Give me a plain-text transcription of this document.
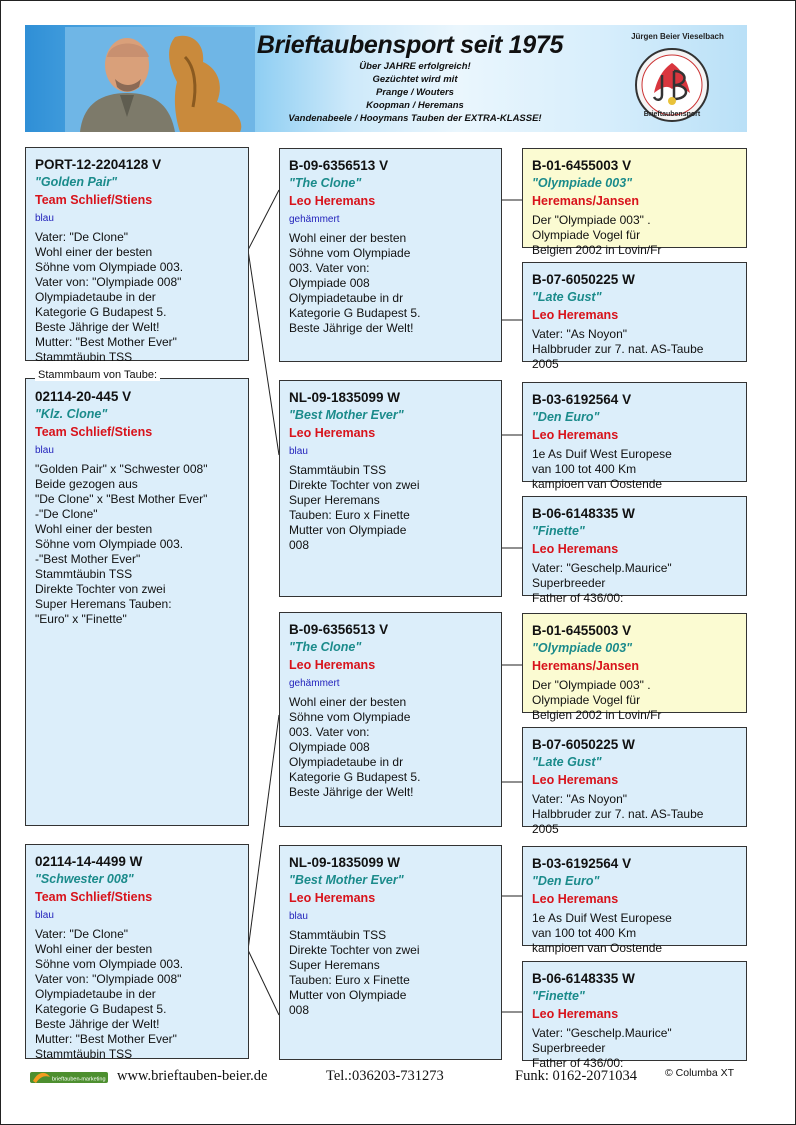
Brieftaubensport seit 1975
Über JAHRE erfolgreich!
Gezüchtet wird mit
Prange / Wouters
Koopman / Heremans
Vandenabeele / Hooymans Tauben der EXTRA-KLASSE!
Jürgen Beier Vieselbach
Brieftaubensport
Stammbaum von Taube:
02114-20-445 V
"Klz. Clone"
Team Schlief/Stiens
blau
"Golden Pair" x "Schwester 008"
Beide gezogen aus
"De Clone" x "Best Mother Ever"
-"De Clone"
Wohl einer der besten
Söhne vom Olympiade 003.
-"Best Mother Ever"
Stammtäubin TSS
Direkte Tochter von zwei
Super Heremans Tauben:
"Euro" x "Finette"
PORT-12-2204128 V
"Golden Pair"
Team Schlief/Stiens
blau
Vater: "De Clone"
Wohl einer der besten
Söhne vom Olympiade 003.
Vater von: "Olympiade 008"
Olympiadetaube in der
Kategorie G Budapest 5.
Beste Jährige der Welt!
Mutter: "Best Mother Ever"
Stammtäubin TSS
02114-14-4499 W
"Schwester 008"
Team Schlief/Stiens
blau
Vater: "De Clone"
Wohl einer der besten
Söhne vom Olympiade 003.
Vater von: "Olympiade 008"
Olympiadetaube in der
Kategorie G Budapest 5.
Beste Jährige der Welt!
Mutter: "Best Mother Ever"
Stammtäubin TSS
B-09-6356513 V
"The Clone"
Leo Heremans
gehämmert
Wohl einer der besten
Söhne vom Olympiade
003. Vater von:
Olympiade 008
Olympiadetaube in dr
Kategorie G Budapest 5.
Beste Jährige der Welt!
NL-09-1835099 W
"Best Mother Ever"
Leo Heremans
blau
Stammtäubin TSS
Direkte Tochter von zwei
Super Heremans
Tauben: Euro x Finette
Mutter von Olympiade
008
B-09-6356513 V
"The Clone"
Leo Heremans
gehämmert
Wohl einer der besten
Söhne vom Olympiade
003. Vater von:
Olympiade 008
Olympiadetaube in dr
Kategorie G Budapest 5.
Beste Jährige der Welt!
NL-09-1835099 W
"Best Mother Ever"
Leo Heremans
blau
Stammtäubin TSS
Direkte Tochter von zwei
Super Heremans
Tauben: Euro x Finette
Mutter von Olympiade
008
B-01-6455003 V
"Olympiade 003"
Heremans/Jansen
Der "Olympiade 003" .
Olympiade Vogel für
Belgien 2002 in Lovin/Fr
B-07-6050225 W
"Late Gust"
Leo Heremans
Vater: "As Noyon"
Halbbruder zur 7. nat. AS-Taube
2005
B-03-6192564 V
"Den Euro"
Leo Heremans
1e As Duif West Europese
van 100 tot 400 Km
kampioen van Oostende
B-06-6148335 W
"Finette"
Leo Heremans
Vater: "Geschelp.Maurice"
Superbreeder
Father of 436/00:
B-01-6455003 V
"Olympiade 003"
Heremans/Jansen
Der "Olympiade 003" .
Olympiade Vogel für
Belgien 2002 in Lovin/Fr
B-07-6050225 W
"Late Gust"
Leo Heremans
Vater: "As Noyon"
Halbbruder zur 7. nat. AS-Taube
2005
B-03-6192564 V
"Den Euro"
Leo Heremans
1e As Duif West Europese
van 100 tot 400 Km
kampioen van Oostende
B-06-6148335 W
"Finette"
Leo Heremans
Vater: "Geschelp.Maurice"
Superbreeder
Father of 436/00:
brieftauben-marketing www.brieftauben-beier.de	Tel.:036203-731273	Funk: 0162-2071034	© Columba XT
